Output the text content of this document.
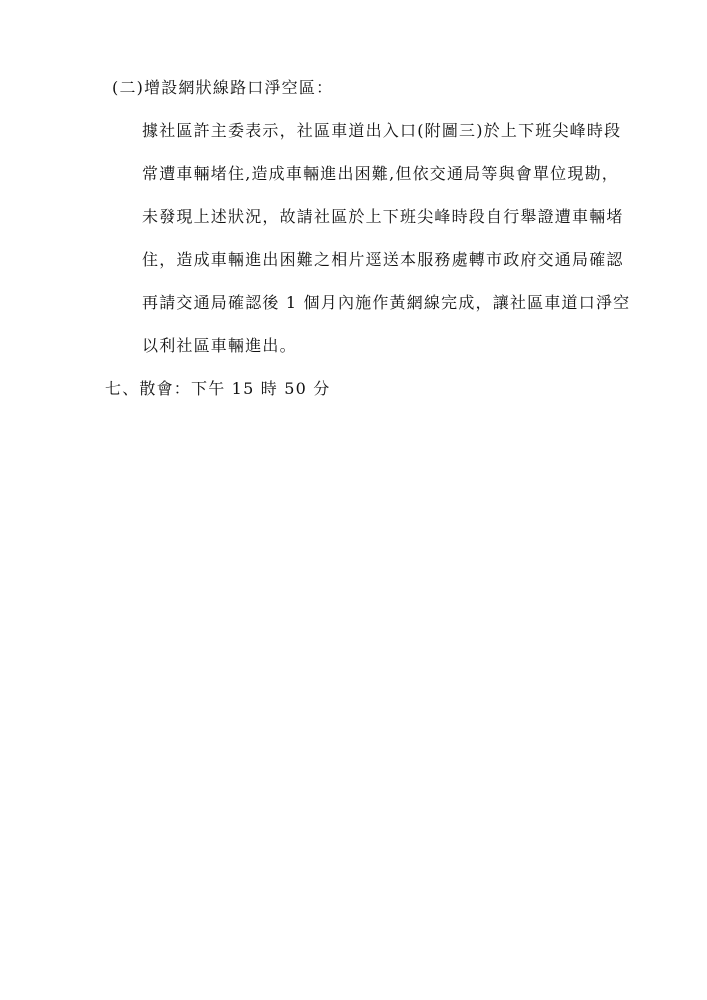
(二)增設網狀線路口淨空區：
據社區許主委表示，社區車道出入口(附圖三)於上下班尖峰時段
常遭車輛堵住,造成車輛進出困難,但依交通局等與會單位現勘，
未發現上述狀況，故請社區於上下班尖峰時段自行舉證遭車輛堵
住，造成車輛進出困難之相片逕送本服務處轉市政府交通局確認
再請交通局確認後 1 個月內施作黃網線完成，讓社區車道口淨空
以利社區車輛進出。
七、散會：下午 15 時 50 分
